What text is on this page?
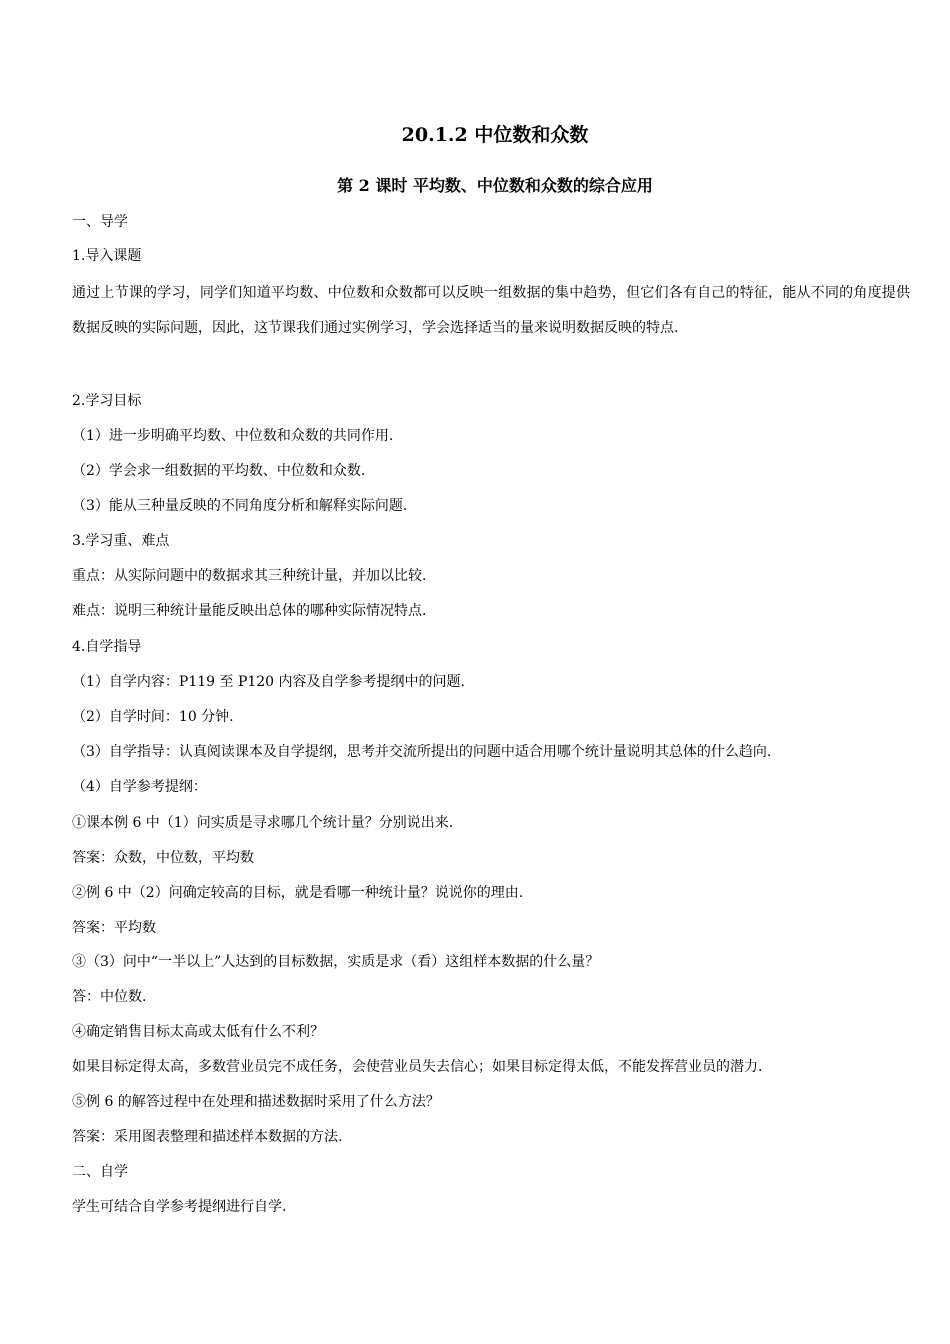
20.1.2 中位数和众数
第 2 课时 平均数、中位数和众数的综合应用
一、导学
1.导入课题
通过上节课的学习，同学们知道平均数、中位数和众数都可以反映一组数据的集中趋势，但它们各有自己的特征，能从不同的角度提供数据反映的实际问题，因此，这节课我们通过实例学习，学会选择适当的量来说明数据反映的特点.
2.学习目标
（1）进一步明确平均数、中位数和众数的共同作用.
（2）学会求一组数据的平均数、中位数和众数.
（3）能从三种量反映的不同角度分析和解释实际问题.
3.学习重、难点
重点：从实际问题中的数据求其三种统计量，并加以比较.
难点：说明三种统计量能反映出总体的哪种实际情况特点.
4.自学指导
（1）自学内容：P119 至 P120 内容及自学参考提纲中的问题.
（2）自学时间：10 分钟.
（3）自学指导：认真阅读课本及自学提纲，思考并交流所提出的问题中适合用哪个统计量说明其总体的什么趋向.
（4）自学参考提纲：
①课本例 6 中（1）问实质是寻求哪几个统计量？分别说出来.
答案：众数，中位数，平均数
②例 6 中（2）问确定较高的目标，就是看哪一种统计量？说说你的理由.
答案：平均数
③（3）问中“一半以上”人达到的目标数据，实质是求（看）这组样本数据的什么量？
答：中位数.
④确定销售目标太高或太低有什么不利？
如果目标定得太高，多数营业员完不成任务，会使营业员失去信心；如果目标定得太低，不能发挥营业员的潜力.
⑤例 6 的解答过程中在处理和描述数据时采用了什么方法？
答案：采用图表整理和描述样本数据的方法.
二、自学
学生可结合自学参考提纲进行自学.
